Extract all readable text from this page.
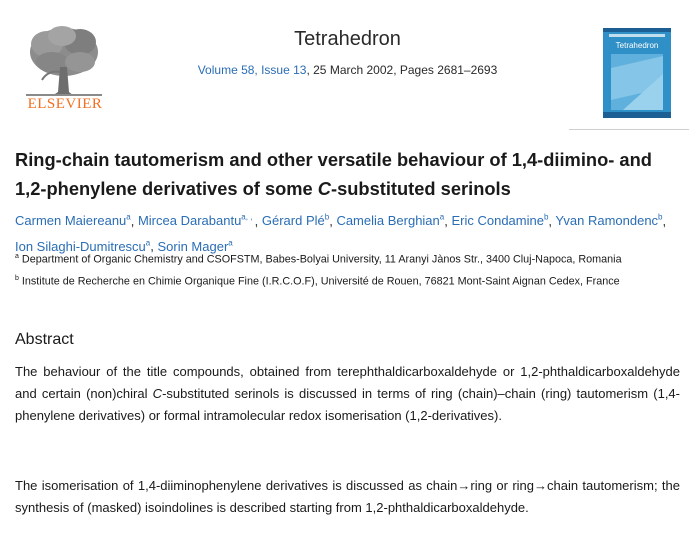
ELSEVIER
Tetrahedron
Volume 58, Issue 13, 25 March 2002, Pages 2681–2693
Tetrahedron
Ring-chain tautomerism and other versatile behaviour of 1,4-diimino- and 1,2-phenylene derivatives of some C-substituted serinols
Carmen Maiereanu$^a$, Mircea Darabantu$^{a, ,}$ , Gérard Plé$^b$, Camelia Berghian$^a$, Eric Condamine$^b$, Yvan Ramondenc$^b$, Ion Silaghi-Dumitrescu$^a$, Sorin Mager$^a$
$^a$ Department of Organic Chemistry and CSOFSTM, Babes-Bolyai University, 11 Aranyi Jànos Str., 3400 Cluj-Napoca, Romania
$^b$ Institute de Recherche en Chimie Organique Fine (I.R.C.O.F), Université de Rouen, 76821 Mont-Saint Aignan Cedex, France
Abstract
The behaviour of the title compounds, obtained from terephthaldicarboxaldehyde or 1,2-phthaldicarboxaldehyde and certain (non)chiral C-substituted serinols is discussed in terms of ring (chain)–chain (ring) tautomerism (1,4-phenylene derivatives) or formal intramolecular redox isomerisation (1,2-derivatives).
The isomerisation of 1,4-diiminophenylene derivatives is discussed as chain→ring or ring→chain tautomerism; the synthesis of (masked) isoindolines is described starting from 1,2-phthaldicarboxaldehyde.
